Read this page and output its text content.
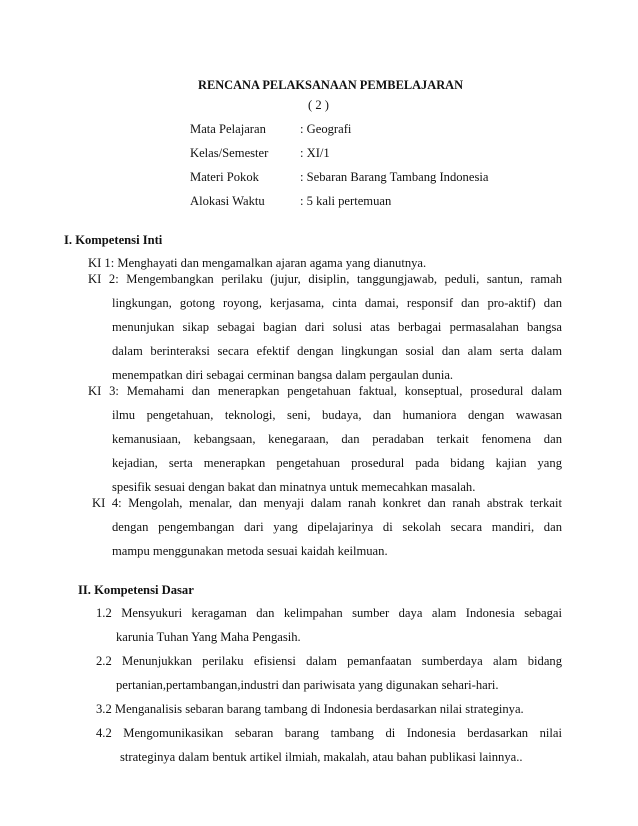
RENCANA PELAKSANAAN PEMBELAJARAN
( 2 )
Mata Pelajaran	: Geografi
Kelas/Semester	: XI/1
Materi Pokok	: Sebaran Barang Tambang Indonesia
Alokasi Waktu	: 5 kali pertemuan
I. Kompetensi Inti
KI 1: Menghayati dan mengamalkan ajaran agama yang dianutnya.
KI 2: Mengembangkan perilaku (jujur, disiplin, tanggungjawab, peduli, santun, ramah
lingkungan, gotong royong, kerjasama, cinta damai, responsif dan pro-aktif) dan
menunjukan sikap sebagai bagian dari solusi atas berbagai permasalahan bangsa
dalam berinteraksi secara efektif dengan lingkungan sosial dan alam serta dalam
menempatkan diri sebagai cerminan bangsa dalam pergaulan dunia.
KI 3: Memahami dan menerapkan pengetahuan faktual, konseptual, prosedural dalam
ilmu pengetahuan, teknologi, seni, budaya, dan humaniora dengan wawasan
kemanusiaan, kebangsaan, kenegaraan, dan peradaban terkait fenomena dan
kejadian, serta menerapkan pengetahuan prosedural pada bidang kajian yang
spesifik sesuai dengan bakat dan minatnya untuk memecahkan masalah.
KI 4: Mengolah, menalar, dan menyaji dalam ranah konkret dan ranah abstrak terkait
dengan pengembangan dari yang dipelajarinya di sekolah secara mandiri, dan
mampu menggunakan metoda sesuai kaidah keilmuan.
II. Kompetensi Dasar
1.2 Mensyukuri keragaman dan kelimpahan sumber daya alam Indonesia sebagai
karunia Tuhan Yang Maha Pengasih.
2.2 Menunjukkan perilaku efisiensi dalam pemanfaatan sumberdaya alam bidang
pertanian,pertambangan,industri dan pariwisata yang digunakan sehari-hari.
3.2 Menganalisis sebaran barang tambang di Indonesia berdasarkan nilai strateginya.
4.2 Mengomunikasikan sebaran barang tambang di Indonesia berdasarkan nilai
strateginya dalam bentuk artikel ilmiah, makalah, atau bahan publikasi lainnya..
